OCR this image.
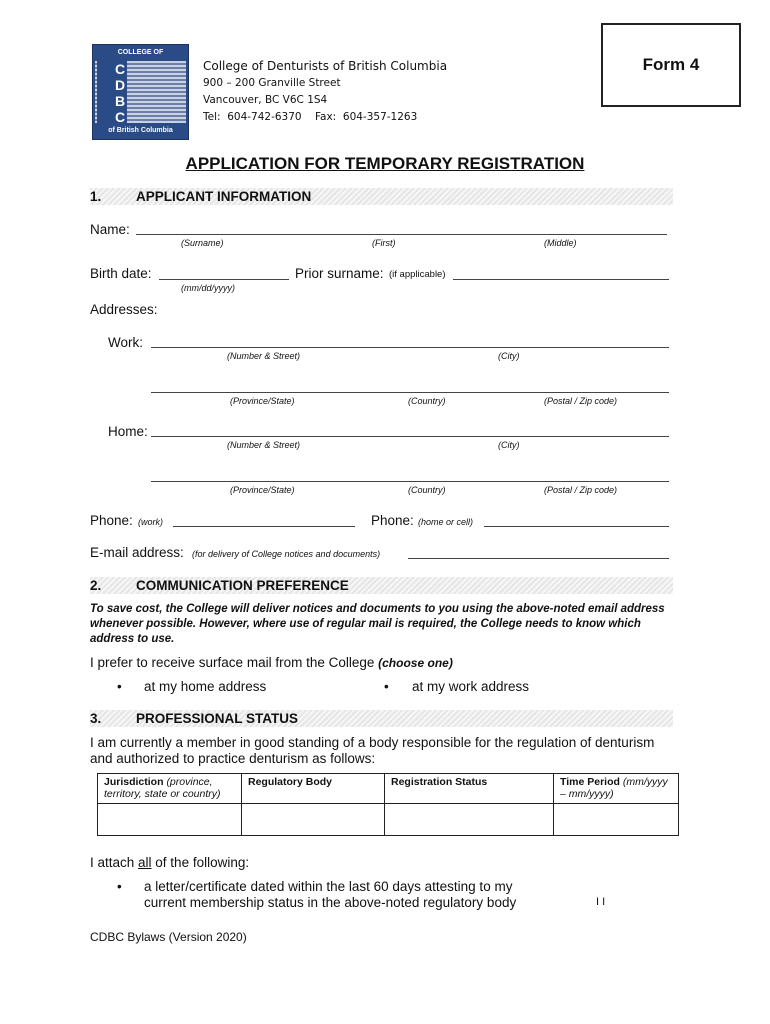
COLLEGE OF
CDBC
of British Columbia
College of Denturists of British Columbia
900 – 200 Granville Street
Vancouver, BC V6C 1S4
Tel:  604-742-6370    Fax:  604-357-1263
Form 4
APPLICATION FOR TEMPORARY REGISTRATION
1.	APPLICANT INFORMATION
Name:
(Surname)	(First)	(Middle)
Birth date:
(mm/dd/yyyy)
Prior surname: (if applicable)
Addresses:
Work:
(Number & Street)	(City)
(Province/State)	(Country)	(Postal / Zip code)
Home:
(Number & Street)	(City)
(Province/State)	(Country)	(Postal / Zip code)
Phone: (work)	Phone: (home or cell)
E-mail address: (for delivery of College notices and documents)
2.	COMMUNICATION PREFERENCE
To save cost, the College will deliver notices and documents to you using the above-noted email address whenever possible. However, where use of regular mail is required, the College needs to know which address to use.
I prefer to receive surface mail from the College (choose one)
• at my home address	• at my work address
3.	PROFESSIONAL STATUS
I am currently a member in good standing of a body responsible for the regulation of denturism and authorized to practice denturism as follows:
Jurisdiction (province, territory, state or country)	Regulatory Body	Registration Status	Time Period (mm/yyyy – mm/yyyy)

I attach all of the following:
• a letter/certificate dated within the last 60 days attesting to my
current membership status in the above-noted regulatory body	I I
CDBC Bylaws (Version 2020)
